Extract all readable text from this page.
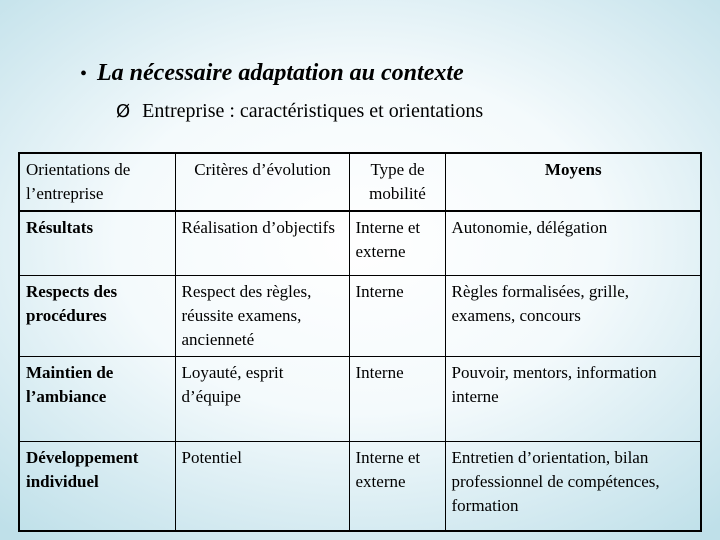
• La nécessaire adaptation au contexte
Ø Entreprise : caractéristiques et orientations
Orientations de l’entreprise	Critères d’évolution	Type de mobilité	Moyens
Résultats	Réalisation d’objectifs	Interne et externe	Autonomie, délégation
Respects des procédures	Respect des règles, réussite examens, ancienneté	Interne	Règles formalisées, grille, examens, concours
Maintien de l’ambiance	Loyauté, esprit d’équipe	Interne	Pouvoir, mentors, information interne
Développement individuel	Potentiel	Interne et externe	Entretien d’orientation, bilan professionnel de compétences, formation
